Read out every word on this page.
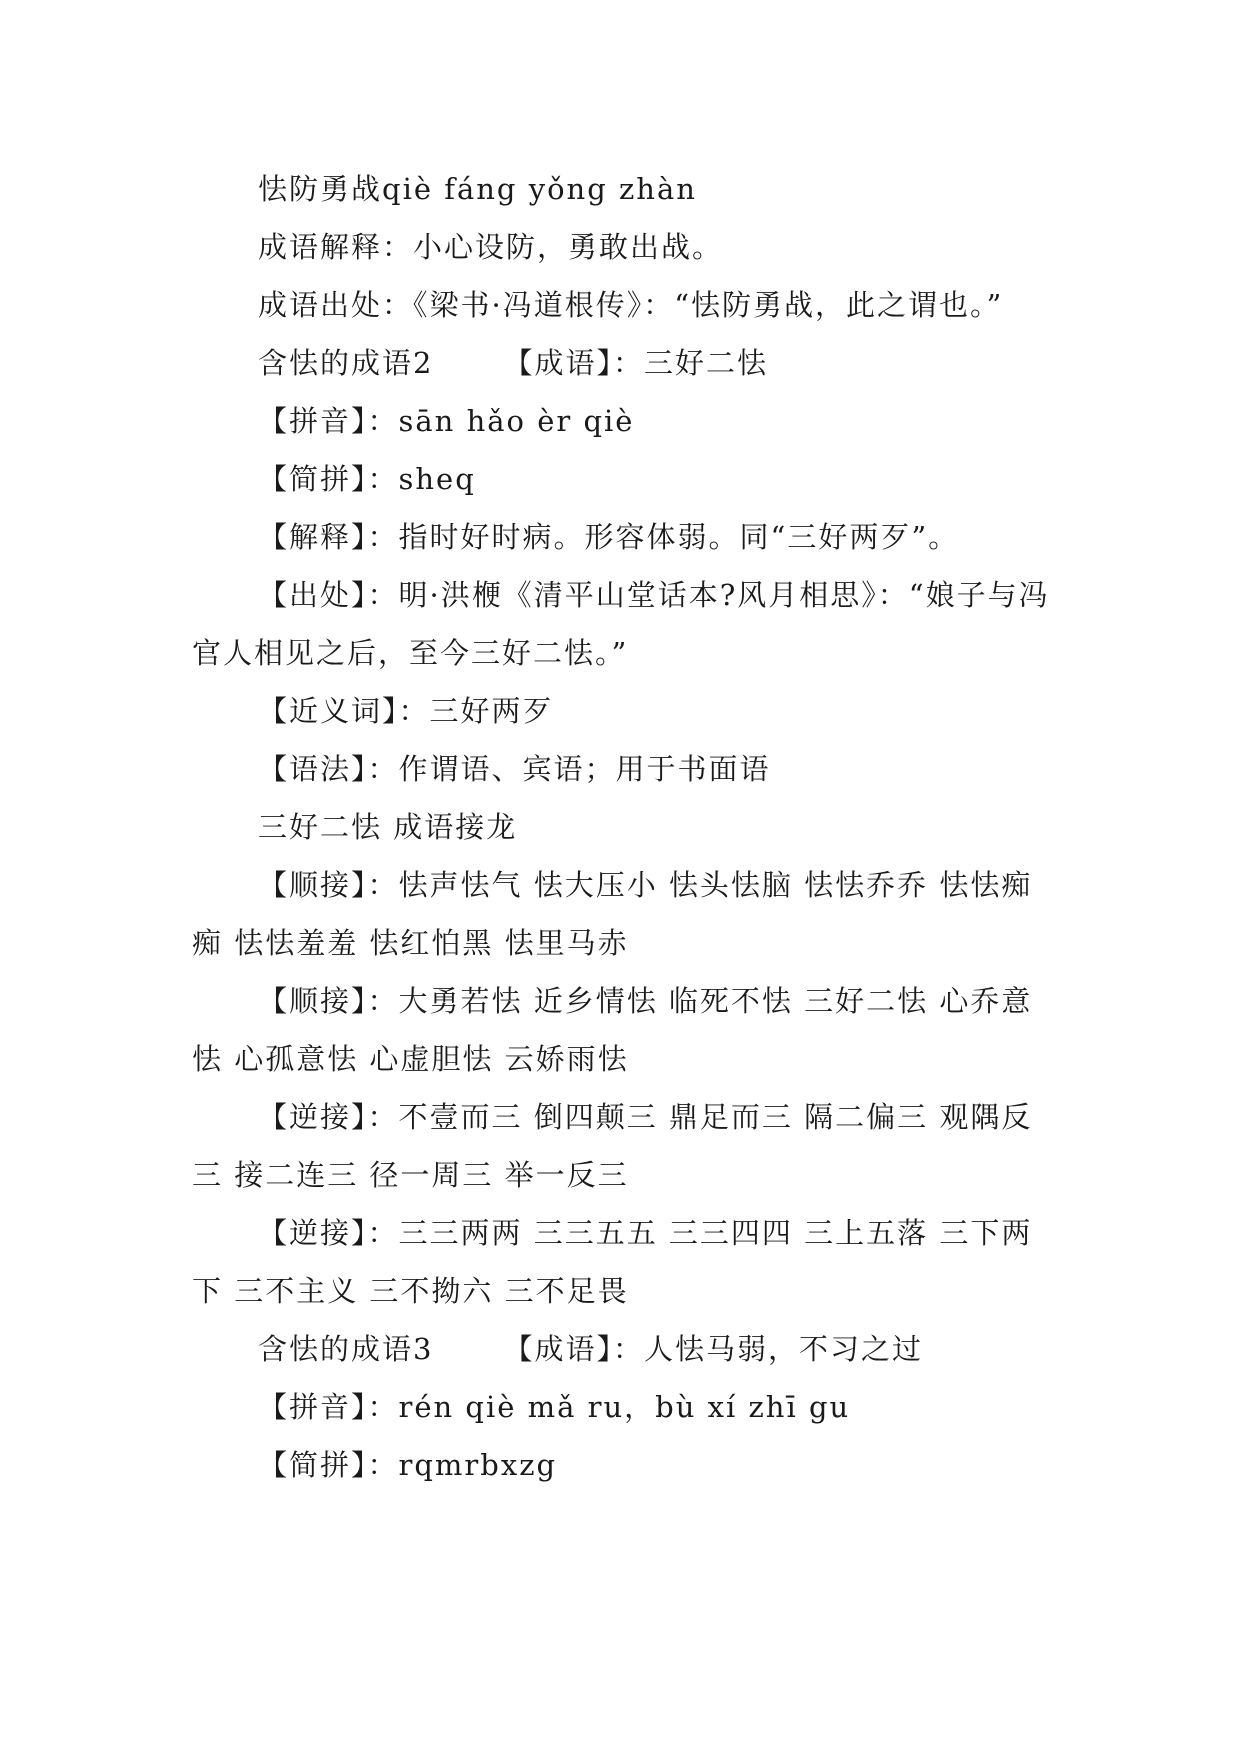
怯防勇战qiè fáng yǒng zhàn

成语解释：小心设防，勇敢出战。

成语出处：《梁书·冯道根传》：“怯防勇战，此之谓也。”

含怯的成语2 【成语】：三好二怯

【拼音】：sān hǎo èr qiè

【简拼】：sheq

【解释】：指时好时病。形容体弱。同“三好两歹”。

【出处】：明·洪楩《清平山堂话本?风月相思》：“娘子与冯官人相见之后，至今三好二怯。”

【近义词】：三好两歹

【语法】：作谓语、宾语；用于书面语

三好二怯 成语接龙

【顺接】：怯声怯气 怯大压小 怯头怯脑 怯怯乔乔 怯怯痴痴 怯怯羞羞 怯红怕黑 怯里马赤

【顺接】：大勇若怯 近乡情怯 临死不怯 三好二怯 心乔意怯 心孤意怯 心虚胆怯 云娇雨怯

【逆接】：不壹而三 倒四颠三 鼎足而三 隔二偏三 观隅反三 接二连三 径一周三 举一反三

【逆接】：三三两两 三三五五 三三四四 三上五落 三下两下 三不主义 三不拗六 三不足畏

含怯的成语3 【成语】：人怯马弱，不习之过

【拼音】：rén qiè mǎ ru，bù xí zhī gu

【简拼】：rqmrbxzg
